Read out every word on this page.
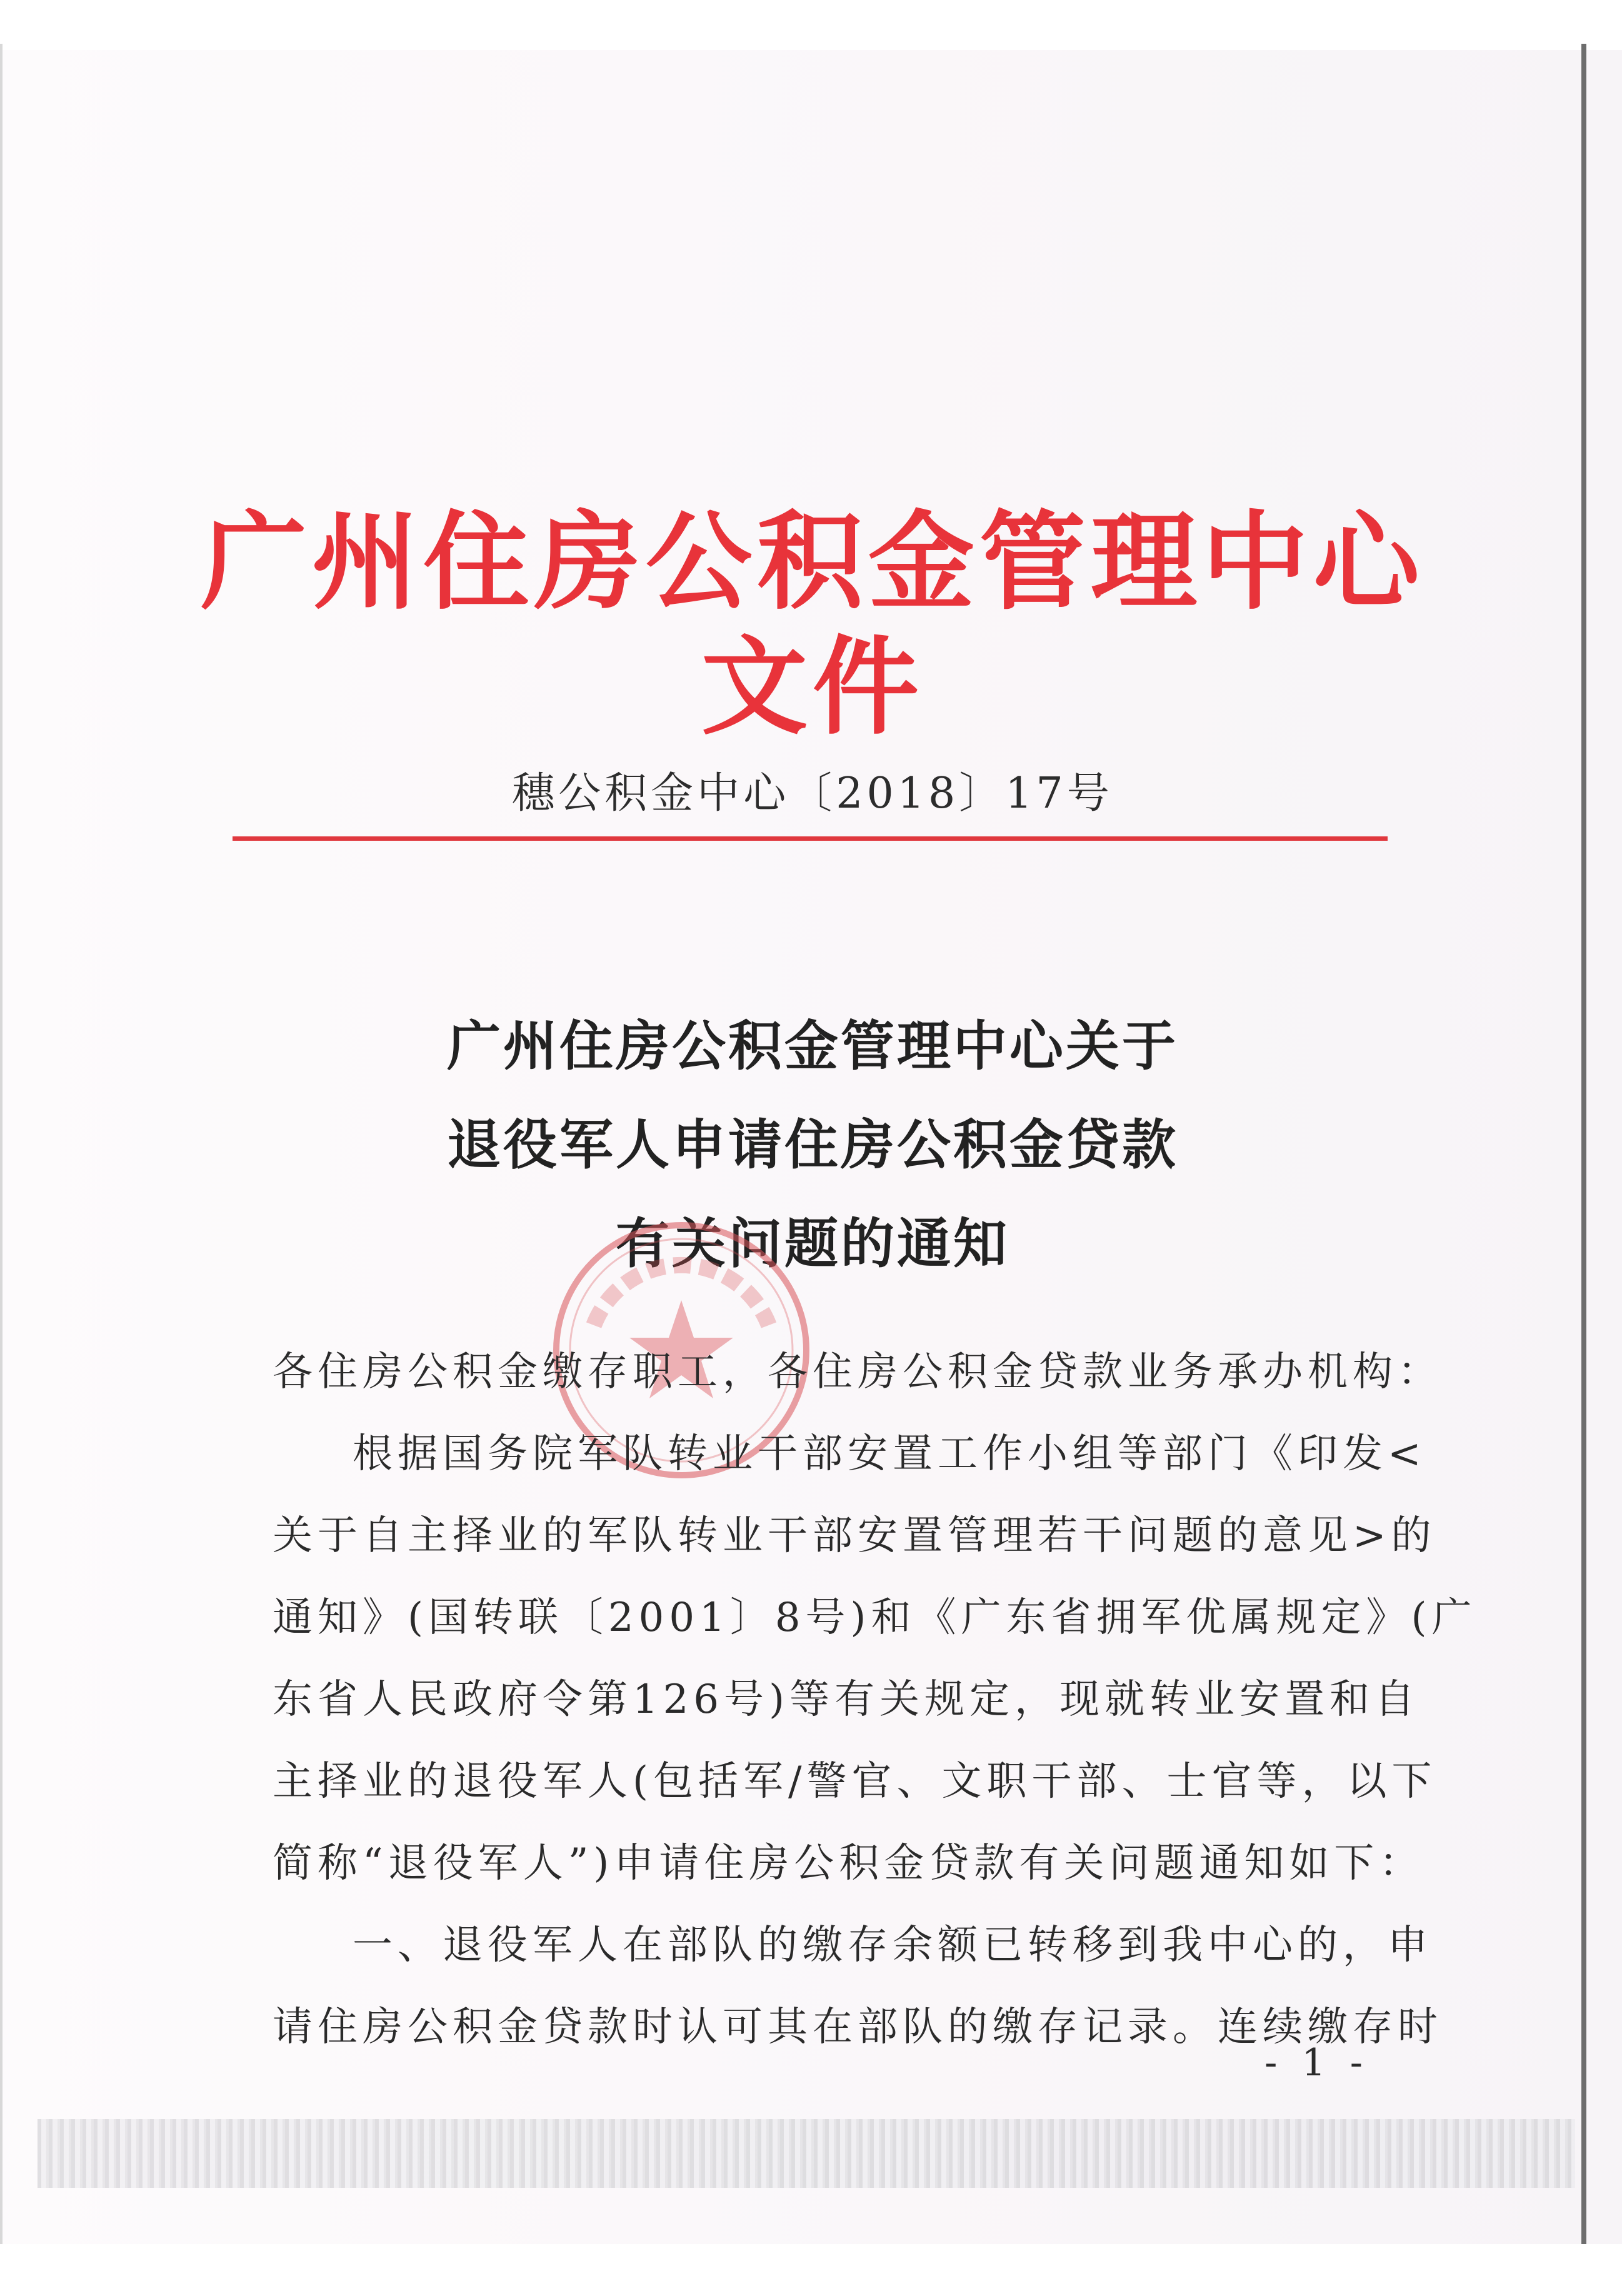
广州住房公积金管理中心文件
穗公积金中心〔2018〕17号
广州住房公积金管理中心关于
退役军人申请住房公积金贷款
有关问题的通知
各住房公积金缴存职工，各住房公积金贷款业务承办机构：
根据国务院军队转业干部安置工作小组等部门《印发<
关于自主择业的军队转业干部安置管理若干问题的意见>的
通知》(国转联〔2001〕8号)和《广东省拥军优属规定》(广
东省人民政府令第126号)等有关规定，现就转业安置和自
主择业的退役军人(包括军/警官、文职干部、士官等，以下
简称“退役军人”)申请住房公积金贷款有关问题通知如下：
一、退役军人在部队的缴存余额已转移到我中心的，申
请住房公积金贷款时认可其在部队的缴存记录。连续缴存时
- 1 -
